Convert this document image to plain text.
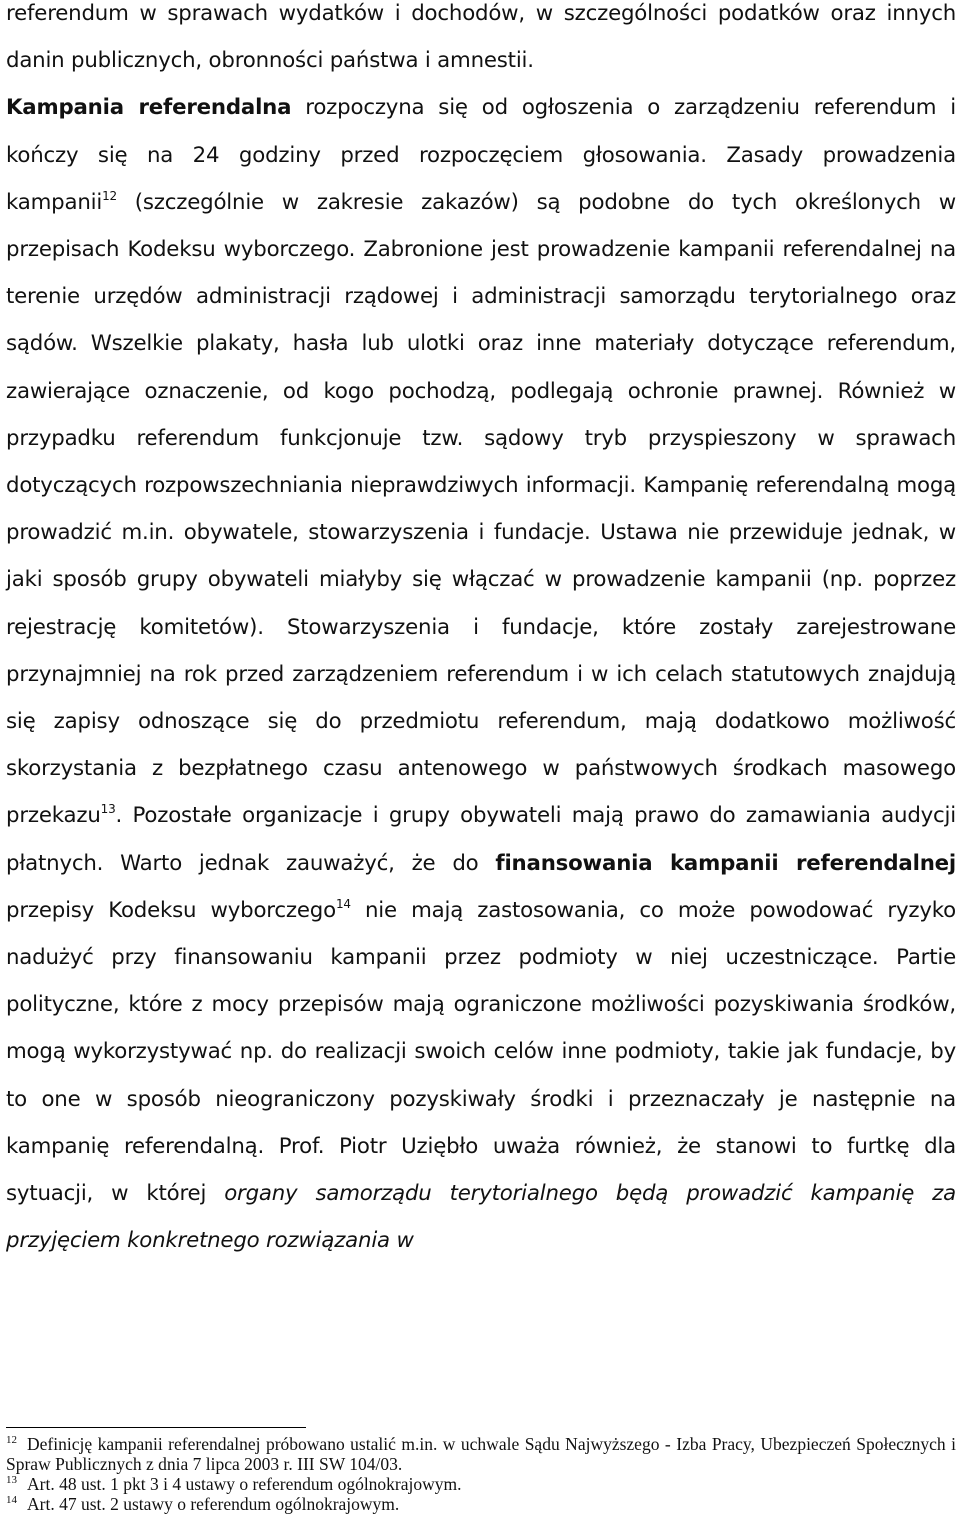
referendum w sprawach wydatków i dochodów, w szczególności podatków oraz innych danin publicznych, obronności państwa i amnestii.
Kampania referendalna rozpoczyna się od ogłoszenia o zarządzeniu referendum i kończy się na 24 godziny przed rozpoczęciem głosowania. Zasady prowadzenia kampanii$^{12}$ (szczególnie w zakresie zakazów) są podobne do tych określonych w przepisach Kodeksu wyborczego. Zabronione jest prowadzenie kampanii referendalnej na terenie urzędów administracji rządowej i administracji samorządu terytorialnego oraz sądów. Wszelkie plakaty, hasła lub ulotki oraz inne materiały dotyczące referendum, zawierające oznaczenie, od kogo pochodzą, podlegają ochronie prawnej. Również w przypadku referendum funkcjonuje tzw. sądowy tryb przyspieszony w sprawach dotyczących rozpowszechniania nieprawdziwych informacji. Kampanię referendalną mogą prowadzić m.in. obywatele, stowarzyszenia i fundacje. Ustawa nie przewiduje jednak, w jaki sposób grupy obywateli miałyby się włączać w prowadzenie kampanii (np. poprzez rejestrację komitetów). Stowarzyszenia i fundacje, które zostały zarejestrowane przynajmniej na rok przed zarządzeniem referendum i w ich celach statutowych znajdują się zapisy odnoszące się do przedmiotu referendum, mają dodatkowo możliwość skorzystania z bezpłatnego czasu antenowego w państwowych środkach masowego przekazu$^{13}$. Pozostałe organizacje i grupy obywateli mają prawo do zamawiania audycji płatnych. Warto jednak zauważyć, że do finansowania kampanii referendalnej przepisy Kodeksu wyborczego$^{14}$ nie mają zastosowania, co może powodować ryzyko nadużyć przy finansowaniu kampanii przez podmioty w niej uczestniczące. Partie polityczne, które z mocy przepisów mają ograniczone możliwości pozyskiwania środków, mogą wykorzystywać np. do realizacji swoich celów inne podmioty, takie jak fundacje, by to one w sposób nieograniczony pozyskiwały środki i przeznaczały je następnie na kampanię referendalną. Prof. Piotr Uziębło uważa również, że stanowi to furtkę dla sytuacji, w której organy samorządu terytorialnego będą prowadzić kampanię za przyjęciem konkretnego rozwiązania w

$^{12}$ Definicję kampanii referendalnej próbowano ustalić m.in. w uchwale Sądu Najwyższego - Izba Pracy, Ubezpieczeń Społecznych i Spraw Publicznych z dnia 7 lipca 2003 r. III SW 104/03.

$^{13}$ Art. 48 ust. 1 pkt 3 i 4 ustawy o referendum ogólnokrajowym.

$^{14}$ Art. 47 ust. 2 ustawy o referendum ogólnokrajowym.
